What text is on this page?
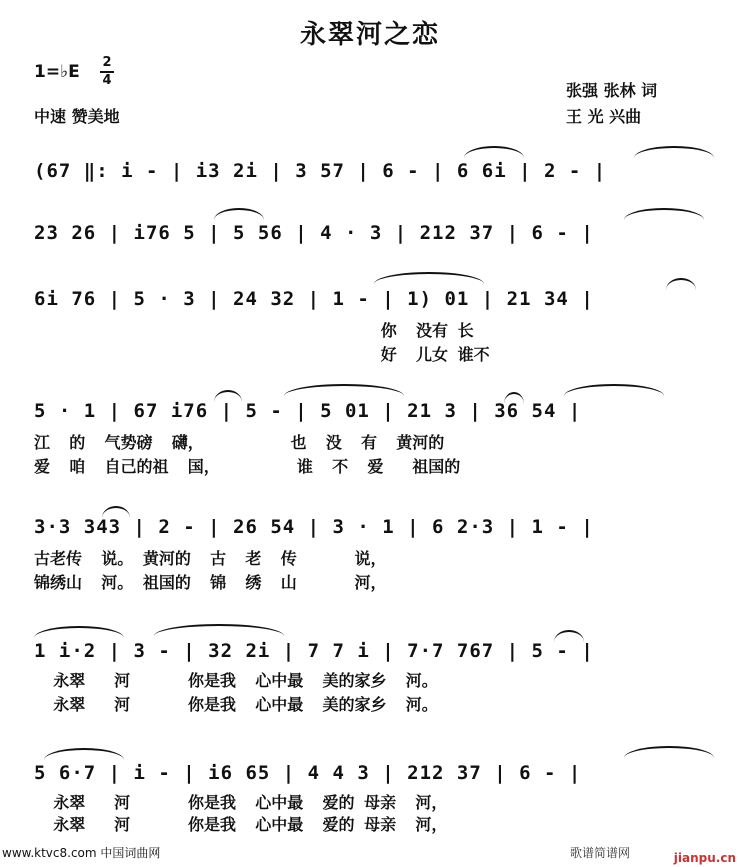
永翠河之恋
1=♭E 2
4
中速 赞美地
张强 张林 词
王 光 兴曲
(67 ‖: i - | i3 2i | 3 57 | 6 - | 6 6i | 2 - |
23 26 | i76 5 | 5 56 | 4 · 3 | 212 37 | 6 - |
6i 76 | 5 · 3 | 24 32 | 1 - | 1) 01 | 21 34 |
你  没有 长
好  儿女 谁不
5 · 1 | 67 i76 | 5 - | 5 01 | 21 3 | 36 54 |
江  的  气势磅  礴，         也  没  有  黄河的
爱  咱  自己的祖  国，        谁  不  爱   祖国的
3·3 343 | 2 - | 26 54 | 3 · 1 | 6 2·3 | 1 - |
古老传  说。 黄河的  古  老  传      说，
锦绣山  河。 祖国的  锦  绣  山      河，
1 i·2 | 3 - | 32 2i | 7 7 i | 7·7 767 | 5 - |
永翠   河      你是我  心中最  美的家乡  河。
永翠   河      你是我  心中最  美的家乡  河。
5 6·7 | i - | i6 65 | 4 4 3 | 212 37 | 6 - |
永翠   河      你是我  心中最  爱的 母亲  河，
永翠   河      你是我  心中最  爱的 母亲  河，
www.ktvc8.com 中国词曲网	歌谱简谱网	jianpu.cn
